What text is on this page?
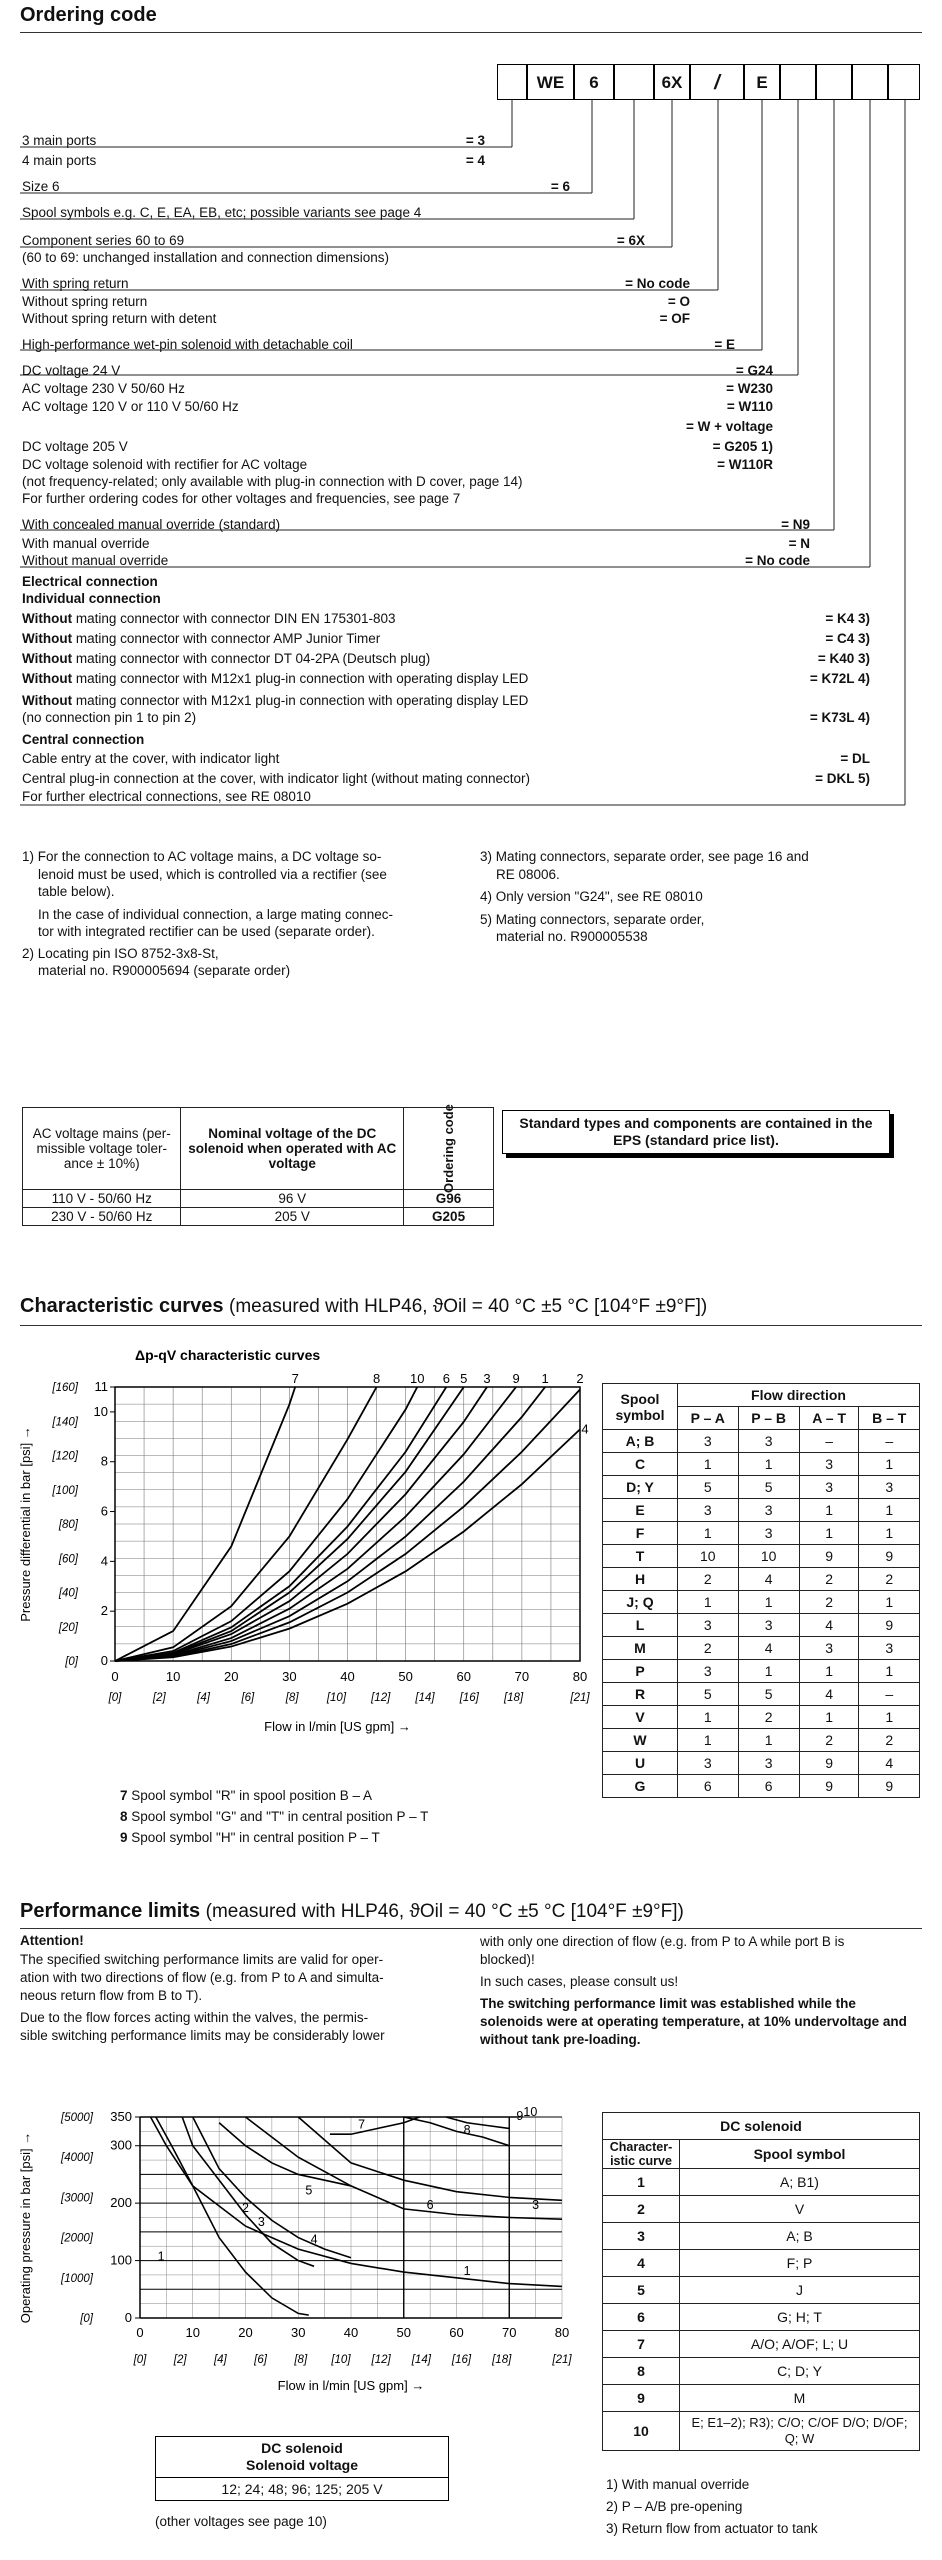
Ordering code
WE	6	6X	/	E
3 main ports	= 3
4 main ports	= 4
Size 6	= 6
Spool symbols e.g. C, E, EA, EB, etc; possible variants see page 4
Component series 60 to 69	= 6X
(60 to 69: unchanged installation and connection dimensions)
With spring return	= No code
Without spring return	= O
Without spring return with detent	= OF
High-performance wet-pin solenoid with detachable coil	= E
DC voltage 24 V	= G24
AC voltage 230 V 50/60 Hz	= W230
AC voltage 120 V or 110 V 50/60 Hz	= W110
= W + voltage
DC voltage 205 V	= G205 1)
DC voltage solenoid with rectifier for AC voltage	= W110R
(not frequency-related; only available with plug-in connection with D cover, page 14)
For further ordering codes for other voltages and frequencies, see page 7
With concealed manual override (standard)	= N9
With manual override	= N
Without manual override	= No code
Electrical connection
Individual connection
Without mating connector with connector DIN EN 175301-803	= K4 3)
Without mating connector with connector AMP Junior Timer	= C4 3)
Without mating connector with connector DT 04-2PA (Deutsch plug)	= K40 3)
Without mating connector with M12x1 plug-in connection with operating display LED	= K72L 4)
Without mating connector with M12x1 plug-in connection with operating display LED
(no connection pin 1 to pin 2)	= K73L 4)
Central connection
Cable entry at the cover, with indicator light	= DL
Central plug-in connection at the cover, with indicator light (without mating connector)	= DKL 5)
For further electrical connections, see RE 08010
1) For the connection to AC voltage mains, a DC voltage so-
lenoid must be used, which is controlled via a rectifier (see
table below).
In the case of individual connection, a large mating connec-
tor with integrated rectifier can be used (separate order).
2) Locating pin ISO 8752-3x8-St,
material no. R900005694 (separate order)
3) Mating connectors, separate order, see page 16 and
RE 08006.
4) Only version "G24", see RE 08010
5) Mating connectors, separate order,
material no. R900005538
AC voltage mains (per-missible voltage toler-ance ± 10%)	Nominal voltage of the DC solenoid when operated with AC voltage	Ordering code

110 V - 50/60 Hz	96 V	G96
230 V - 50/60 Hz	205 V	G205
Standard types and components are contained in the EPS (standard price list).
Characteristic curves (measured with HLP46, ϑOil = 40 °C ±5 °C [104°F ±9°F])
Δp-qV characteristic curves
0	10	20	30	40	50	60	70	80
[0]	[2]	[4]	[6]	[8] [10] [12] [14] [16] [18]	[21]
0
2
4
6
8
10
11
[0]
[20]
[40]
[60]
[80]
[100]
[120]
[140]
[160]
Pressure differential in bar [psi] →
Flow in l/min [US gpm] →
7	8 10 6 5 3 9 1 2
4
7 Spool symbol "R" in spool position B – A
8 Spool symbol "G" and "T" in central position P – T
9 Spool symbol "H" in central position P – T
Spool symbol	Flow direction			
	P – A	P – B	A – T	B – T
A; B	3	3	–	–
C	1	1	3	1
D; Y	5	5	3	3
E	3	3	1	1
F	1	3	1	1
T	10	10	9	9
H	2	4	2	2
J; Q	1	1	2	1
L	3	3	4	9
M	2	4	3	3
P	3	1	1	1
R	5	5	4	–
V	1	2	1	1
W	1	1	2	2
U	3	3	9	4
G	6	6	9	9
Performance limits (measured with HLP46, ϑOil = 40 °C ±5 °C [104°F ±9°F])
Attention!
The specified switching performance limits are valid for oper-
ation with two directions of flow (e.g. from P to A and simulta-
neous return flow from B to T).
Due to the flow forces acting within the valves, the permis-
sible switching performance limits may be considerably lower
with only one direction of flow (e.g. from P to A while port B is
blocked)!
In such cases, please consult us!
The switching performance limit was established while the solenoids were at operating temperature, at 10% undervoltage and without tank pre-loading.
0	10	20	30	40	50	60	70	80
[0] [2] [4] [6] [8] [10] [12] [14] [16] [18]	[21]
0
100
200
300
350
[0]
[1000]
[2000]
[3000]
[4000]
[5000]
Operating pressure in bar [psi] →
Flow in l/min [US gpm] →
1
2
3
4
5
6	3
7	8
9 10
1
DC solenoid	
Character-istic curve	Spool symbol
1	A; B1)
2	V
3	A; B
4	F; P
5	J
6	G; H; T
7	A/O; A/OF; L; U
8	C; D; Y
9	M
10	E; E1–2); R3); C/O; C/OF D/O; D/OF; Q; W
1) With manual override
2) P – A/B pre-opening
3) Return flow from actuator to tank
DC solenoid
Solenoid voltage
12; 24; 48; 96; 125; 205 V
(other voltages see page 10)
